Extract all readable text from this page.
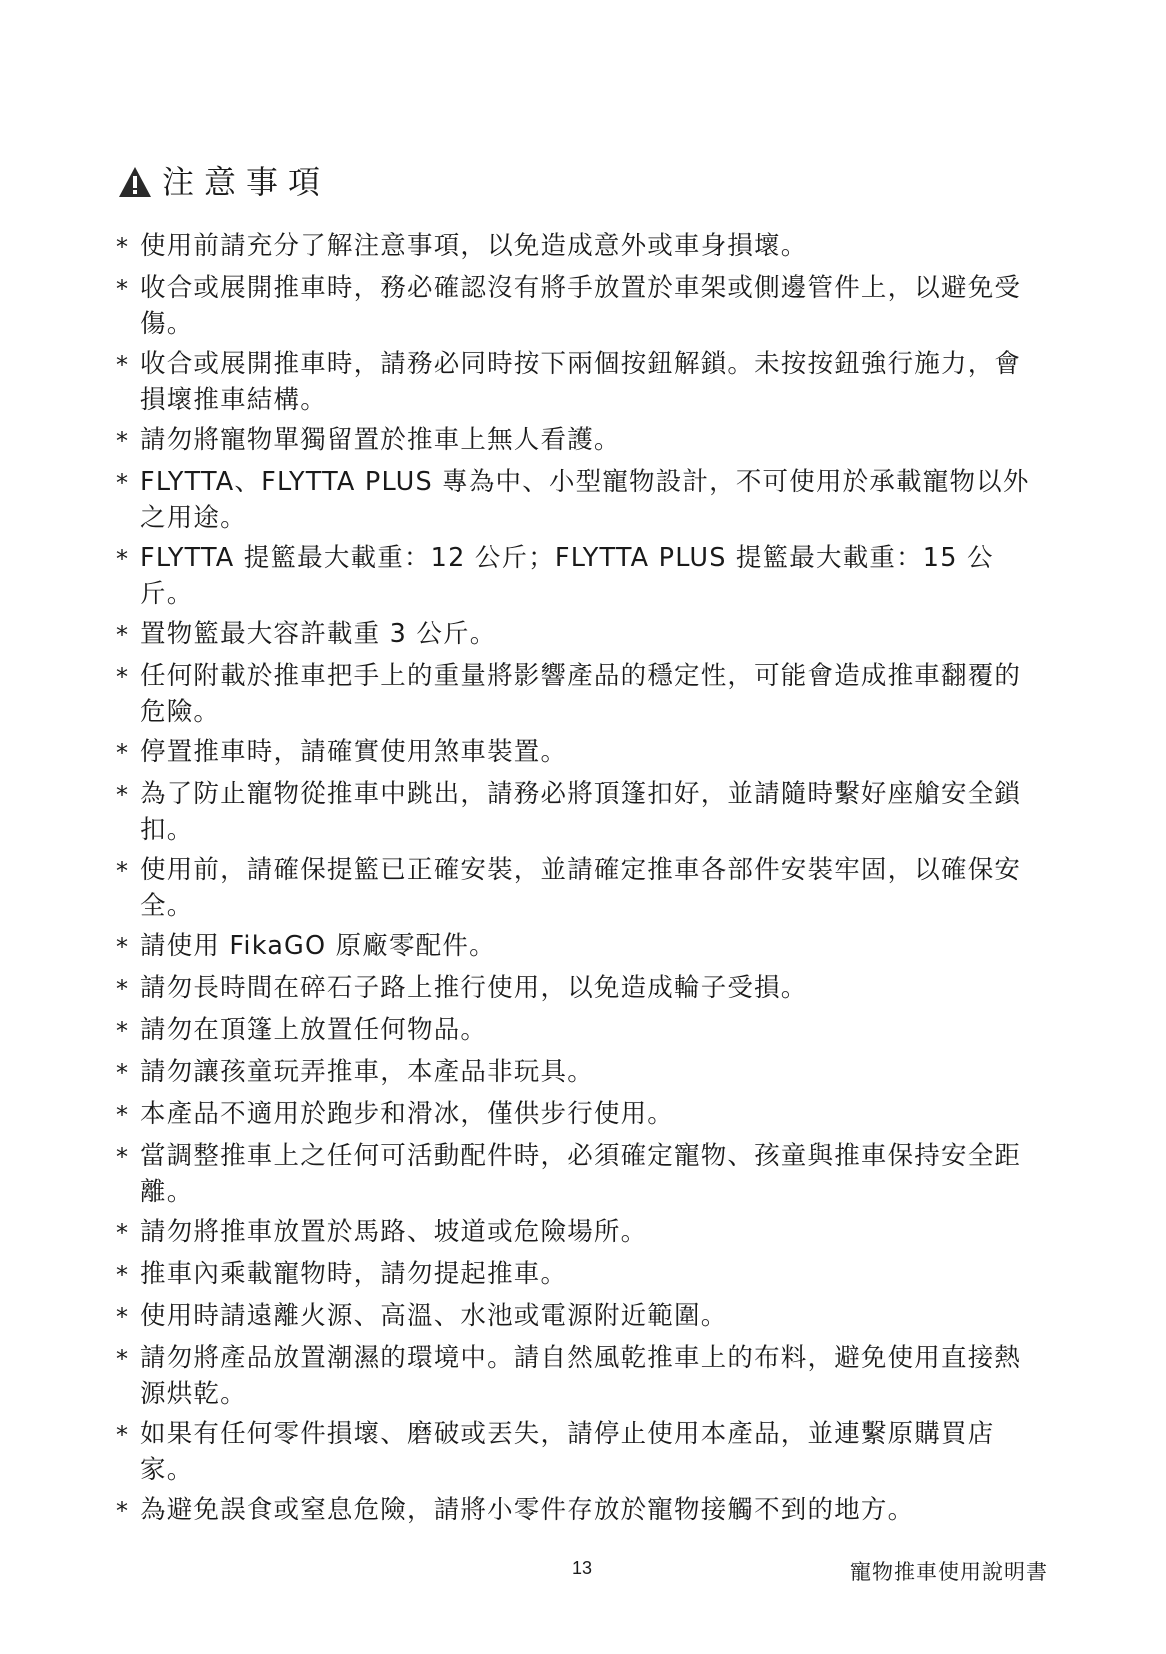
注意事項
* 使用前請充分了解注意事項，以免造成意外或車身損壞。
* 收合或展開推車時，務必確認沒有將手放置於車架或側邊管件上，以避免受傷。
* 收合或展開推車時，請務必同時按下兩個按鈕解鎖。未按按鈕強行施力，會損壞推車結構。
* 請勿將寵物單獨留置於推車上無人看護。
* FLYTTA、FLYTTA PLUS 專為中、小型寵物設計，不可使用於承載寵物以外之用途。
* FLYTTA 提籃最大載重：12 公斤；FLYTTA PLUS 提籃最大載重：15 公斤。
* 置物籃最大容許載重 3 公斤。
* 任何附載於推車把手上的重量將影響產品的穩定性，可能會造成推車翻覆的危險。
* 停置推車時，請確實使用煞車裝置。
* 為了防止寵物從推車中跳出，請務必將頂篷扣好，並請隨時繫好座艙安全鎖扣。
* 使用前，請確保提籃已正確安裝，並請確定推車各部件安裝牢固，以確保安全。
* 請使用 FikaGO 原廠零配件。
* 請勿長時間在碎石子路上推行使用，以免造成輪子受損。
* 請勿在頂篷上放置任何物品。
* 請勿讓孩童玩弄推車，本產品非玩具。
* 本產品不適用於跑步和滑冰，僅供步行使用。
* 當調整推車上之任何可活動配件時，必須確定寵物、孩童與推車保持安全距離。
* 請勿將推車放置於馬路、坡道或危險場所。
* 推車內乘載寵物時，請勿提起推車。
* 使用時請遠離火源、高溫、水池或電源附近範圍。
* 請勿將產品放置潮濕的環境中。請自然風乾推車上的布料，避免使用直接熱源烘乾。
* 如果有任何零件損壞、磨破或丟失，請停止使用本產品，並連繫原購買店家。
* 為避免誤食或窒息危險，請將小零件存放於寵物接觸不到的地方。
13	寵物推車使用說明書
